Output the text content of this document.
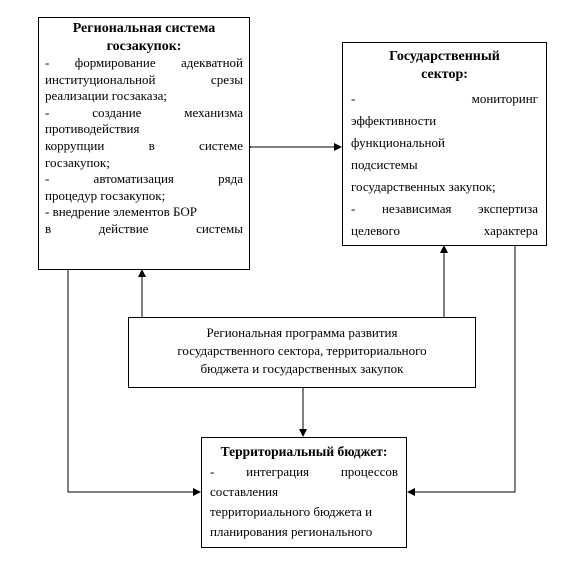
Региональная система
госзакупок:
- формирование адекватной
институциональной	срезы
реализации госзаказа;
-	создание	механизма
противодействия
коррупции	в	системе
госзакупок;
-	автоматизация	ряда
процедур госзакупок;
- внедрение элементов БОР
в	действие	системы
Государственный
сектор:
-	мониторинг
эффективности
функциональной
подсистемы
государственных закупок;
- независимая экспертиза
целевого	характера
Региональная программа развития
государственного сектора, территориального
бюджета и государственных закупок
Территориальный бюджет:
- интеграция процессов
составления
территориального бюджета и
планирования регионального
